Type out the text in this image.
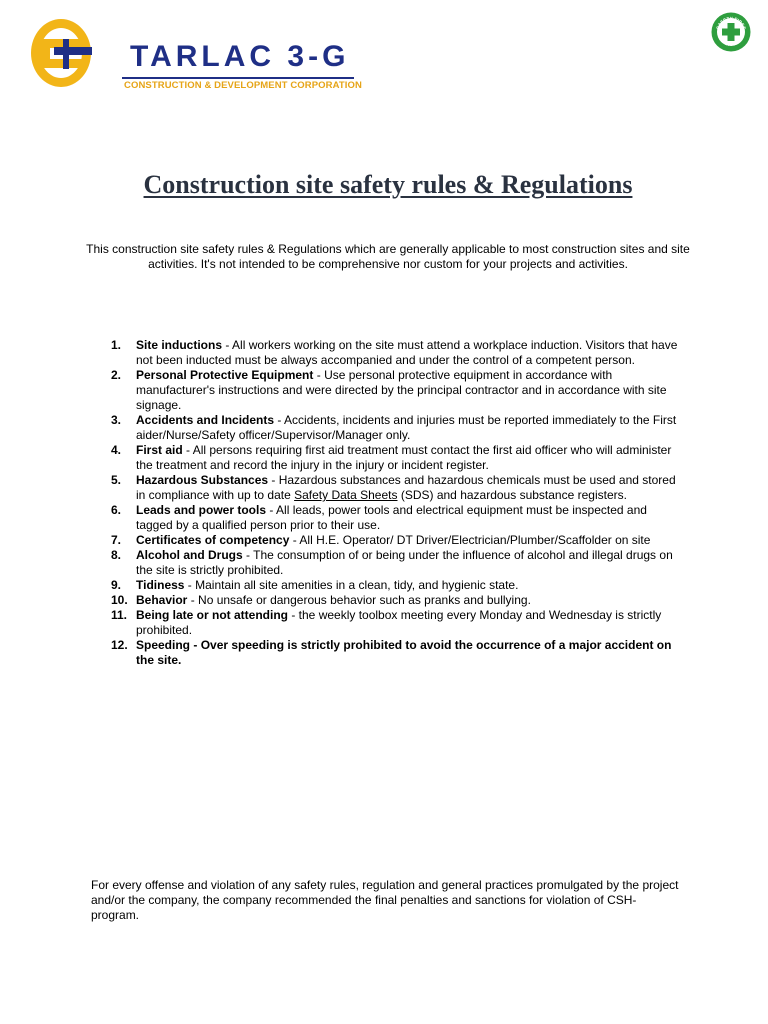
TARLAC 3-G
CONSTRUCTION & DEVELOPMENT CORPORATION
SAFETY FIRST
SAFETY FIRST
Construction site safety rules & Regulations
This construction site safety rules & Regulations which are generally applicable to most construction sites and site activities. It's not intended to be comprehensive nor custom for your projects and activities.
1. Site inductions - All workers working on the site must attend a workplace induction. Visitors that have not been inducted must be always accompanied and under the control of a competent person.
2. Personal Protective Equipment - Use personal protective equipment in accordance with manufacturer's instructions and were directed by the principal contractor and in accordance with site signage.
3. Accidents and Incidents - Accidents, incidents and injuries must be reported immediately to the First aider/Nurse/Safety officer/Supervisor/Manager only.
4. First aid - All persons requiring first aid treatment must contact the first aid officer who will administer the treatment and record the injury in the injury or incident register.
5. Hazardous Substances - Hazardous substances and hazardous chemicals must be used and stored in compliance with up to date Safety Data Sheets (SDS) and hazardous substance registers.
6. Leads and power tools - All leads, power tools and electrical equipment must be inspected and tagged by a qualified person prior to their use.
7. Certificates of competency - All H.E. Operator/ DT Driver/Electrician/Plumber/Scaffolder on site
8. Alcohol and Drugs - The consumption of or being under the influence of alcohol and illegal drugs on the site is strictly prohibited.
9. Tidiness - Maintain all site amenities in a clean, tidy, and hygienic state.
10. Behavior - No unsafe or dangerous behavior such as pranks and bullying.
11. Being late or not attending - the weekly toolbox meeting every Monday and Wednesday is strictly prohibited.
12. Speeding - Over speeding is strictly prohibited to avoid the occurrence of a major accident on the site.
For every offense and violation of any safety rules, regulation and general practices promulgated by the project and/or the company, the company recommended the final penalties and sanctions for violation of CSH-program.
